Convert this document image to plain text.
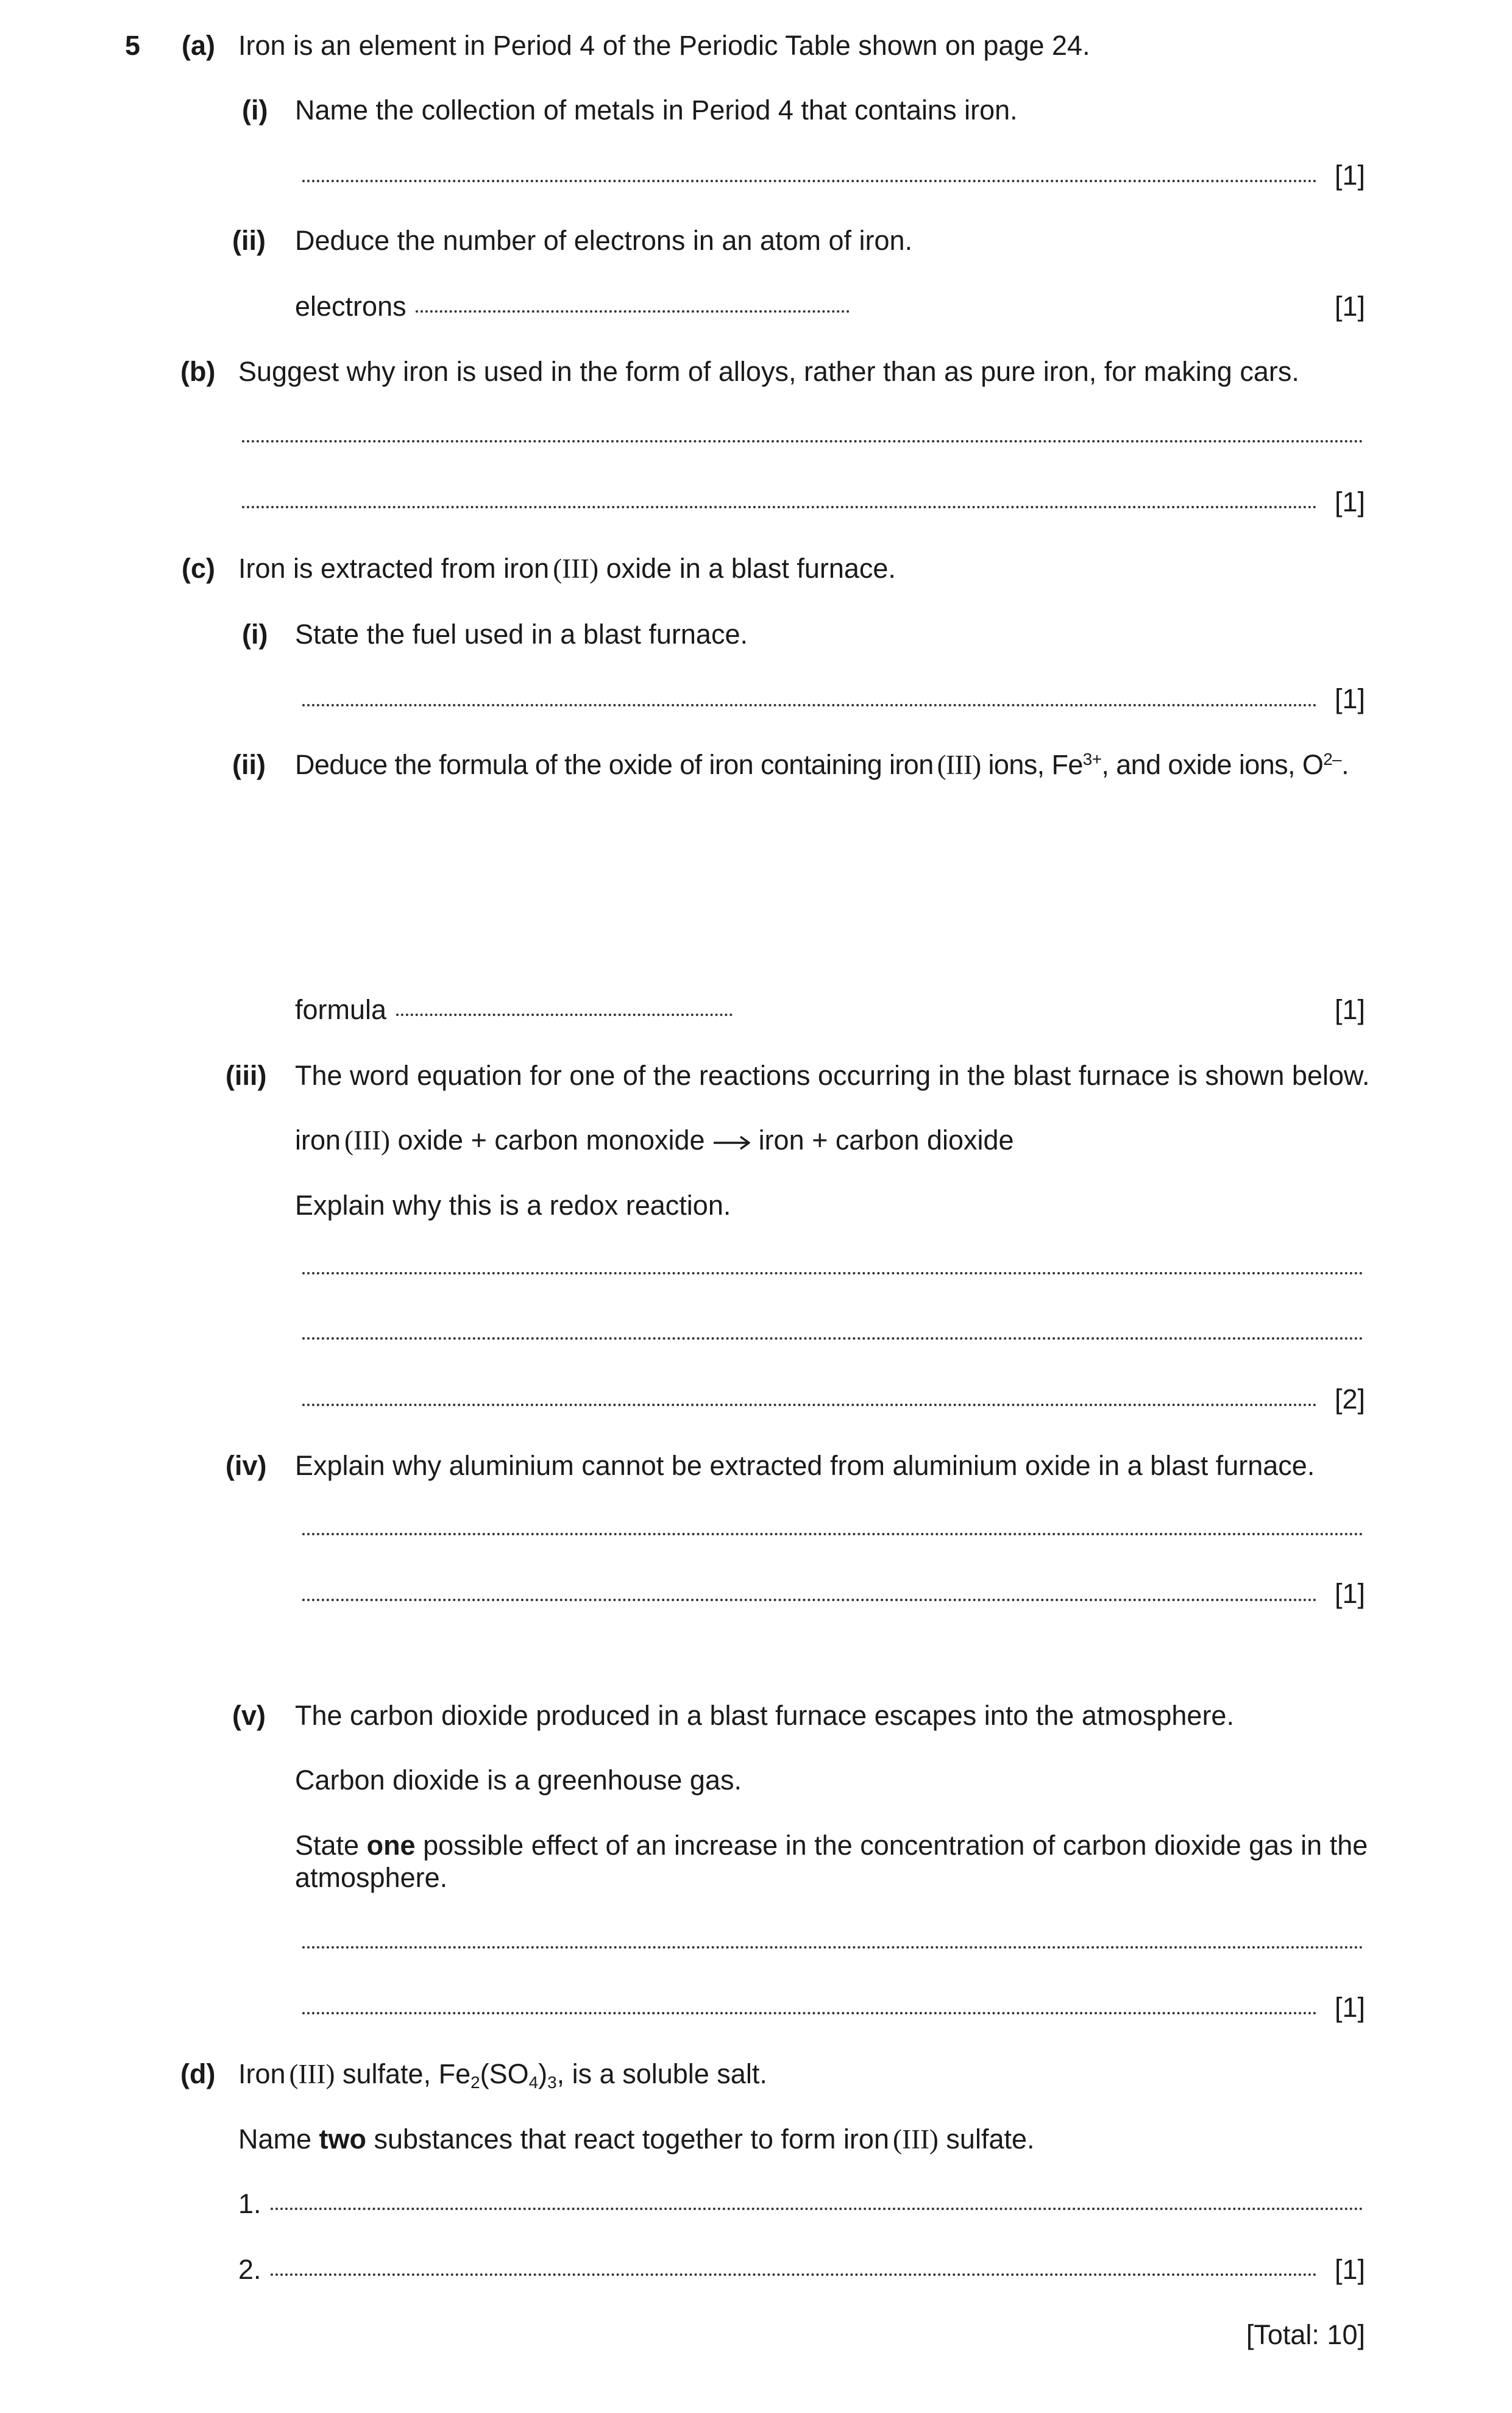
5 (a) Iron is an element in Period 4 of the Periodic Table shown on page 24.
(i) Name the collection of metals in Period 4 that contains iron.
[1]
(ii) Deduce the number of electrons in an atom of iron.
electrons	[1]
(b) Suggest why iron is used in the form of alloys, rather than as pure iron, for making cars.
[1]
(c) Iron is extracted from iron (III) oxide in a blast furnace.
(i) State the fuel used in a blast furnace.
[1]
(ii) Deduce the formula of the oxide of iron containing iron (III) ions, $Fe^{3+}$, and oxide ions, $O^{2-}$.
formula	[1]
(iii) The word equation for one of the reactions occurring in the blast furnace is shown below.
iron (III) oxide + carbon monoxide → iron + carbon dioxide
Explain why this is a redox reaction.
[2]
(iv) Explain why aluminium cannot be extracted from aluminium oxide in a blast furnace.
[1]
(v) The carbon dioxide produced in a blast furnace escapes into the atmosphere.
Carbon dioxide is a greenhouse gas.
State one possible effect of an increase in the concentration of carbon dioxide gas in the
atmosphere.
[1]
(d) Iron (III) sulfate, $Fe_2(SO_4)_3$, is a soluble salt.
Name two substances that react together to form iron (III) sulfate.
1.
2.	[1]
[Total: 10]
